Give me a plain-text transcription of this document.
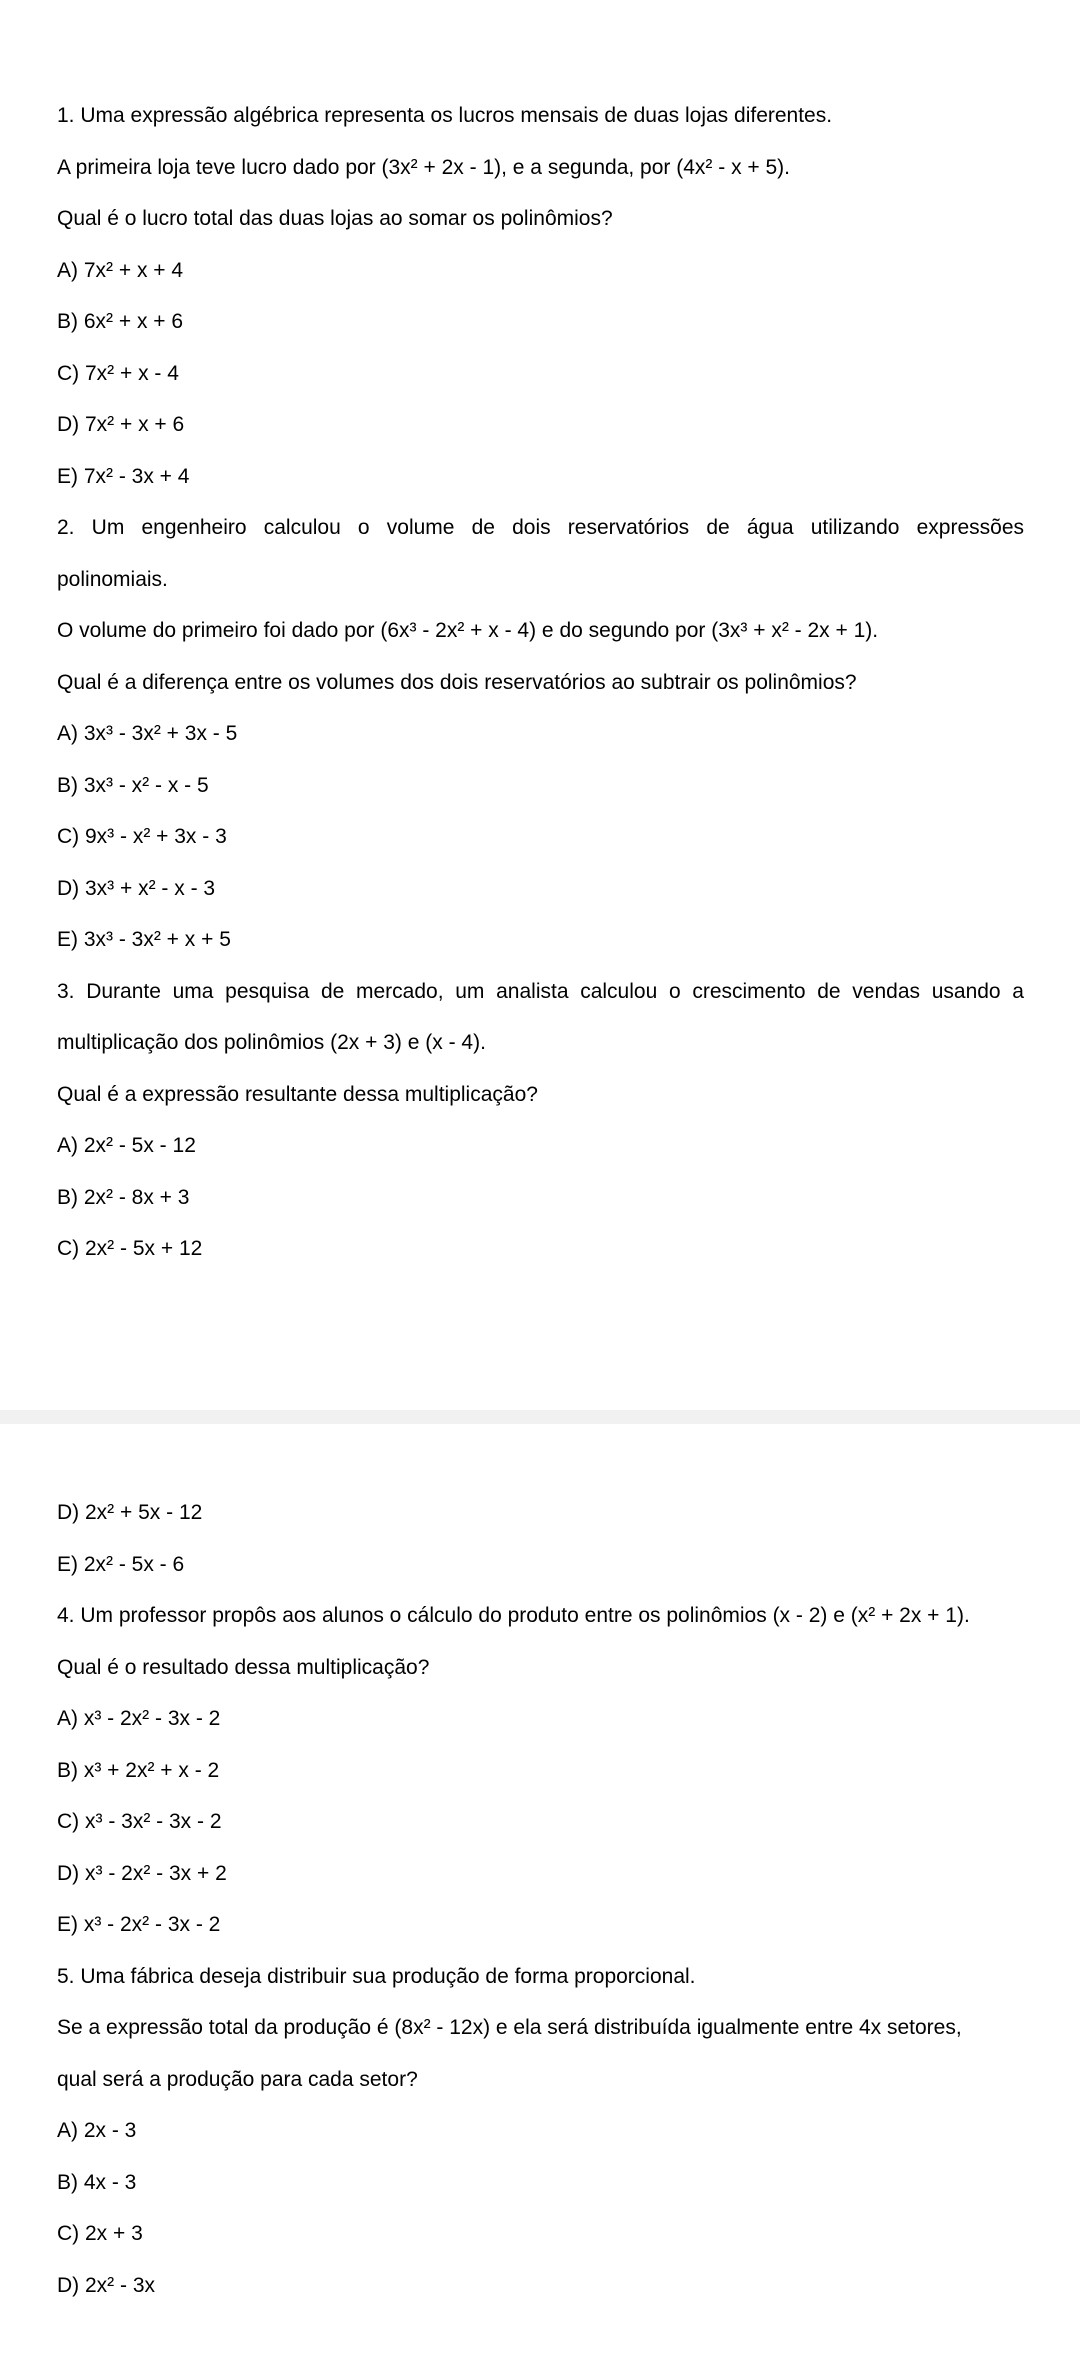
1. Uma expressão algébrica representa os lucros mensais de duas lojas diferentes.
A primeira loja teve lucro dado por (3x² + 2x - 1), e a segunda, por (4x² - x + 5).
Qual é o lucro total das duas lojas ao somar os polinômios?
A) 7x² + x + 4
B) 6x² + x + 6
C) 7x² + x - 4
D) 7x² + x + 6
E) 7x² - 3x + 4
2. Um engenheiro calculou o volume de dois reservatórios de água utilizando expressões
polinomiais.
O volume do primeiro foi dado por (6x³ - 2x² + x - 4) e do segundo por (3x³ + x² - 2x + 1).
Qual é a diferença entre os volumes dos dois reservatórios ao subtrair os polinômios?
A) 3x³ - 3x² + 3x - 5
B) 3x³ - x² - x - 5
C) 9x³ - x² + 3x - 3
D) 3x³ + x² - x - 3
E) 3x³ - 3x² + x + 5
3. Durante uma pesquisa de mercado, um analista calculou o crescimento de vendas usando a
multiplicação dos polinômios (2x + 3) e (x - 4).
Qual é a expressão resultante dessa multiplicação?
A) 2x² - 5x - 12
B) 2x² - 8x + 3
C) 2x² - 5x + 12
D) 2x² + 5x - 12
E) 2x² - 5x - 6
4. Um professor propôs aos alunos o cálculo do produto entre os polinômios (x - 2) e (x² + 2x + 1).
Qual é o resultado dessa multiplicação?
A) x³ - 2x² - 3x - 2
B) x³ + 2x² + x - 2
C) x³ - 3x² - 3x - 2
D) x³ - 2x² - 3x + 2
E) x³ - 2x² - 3x - 2
5. Uma fábrica deseja distribuir sua produção de forma proporcional.
Se a expressão total da produção é (8x² - 12x) e ela será distribuída igualmente entre 4x setores,
qual será a produção para cada setor?
A) 2x - 3
B) 4x - 3
C) 2x + 3
D) 2x² - 3x
